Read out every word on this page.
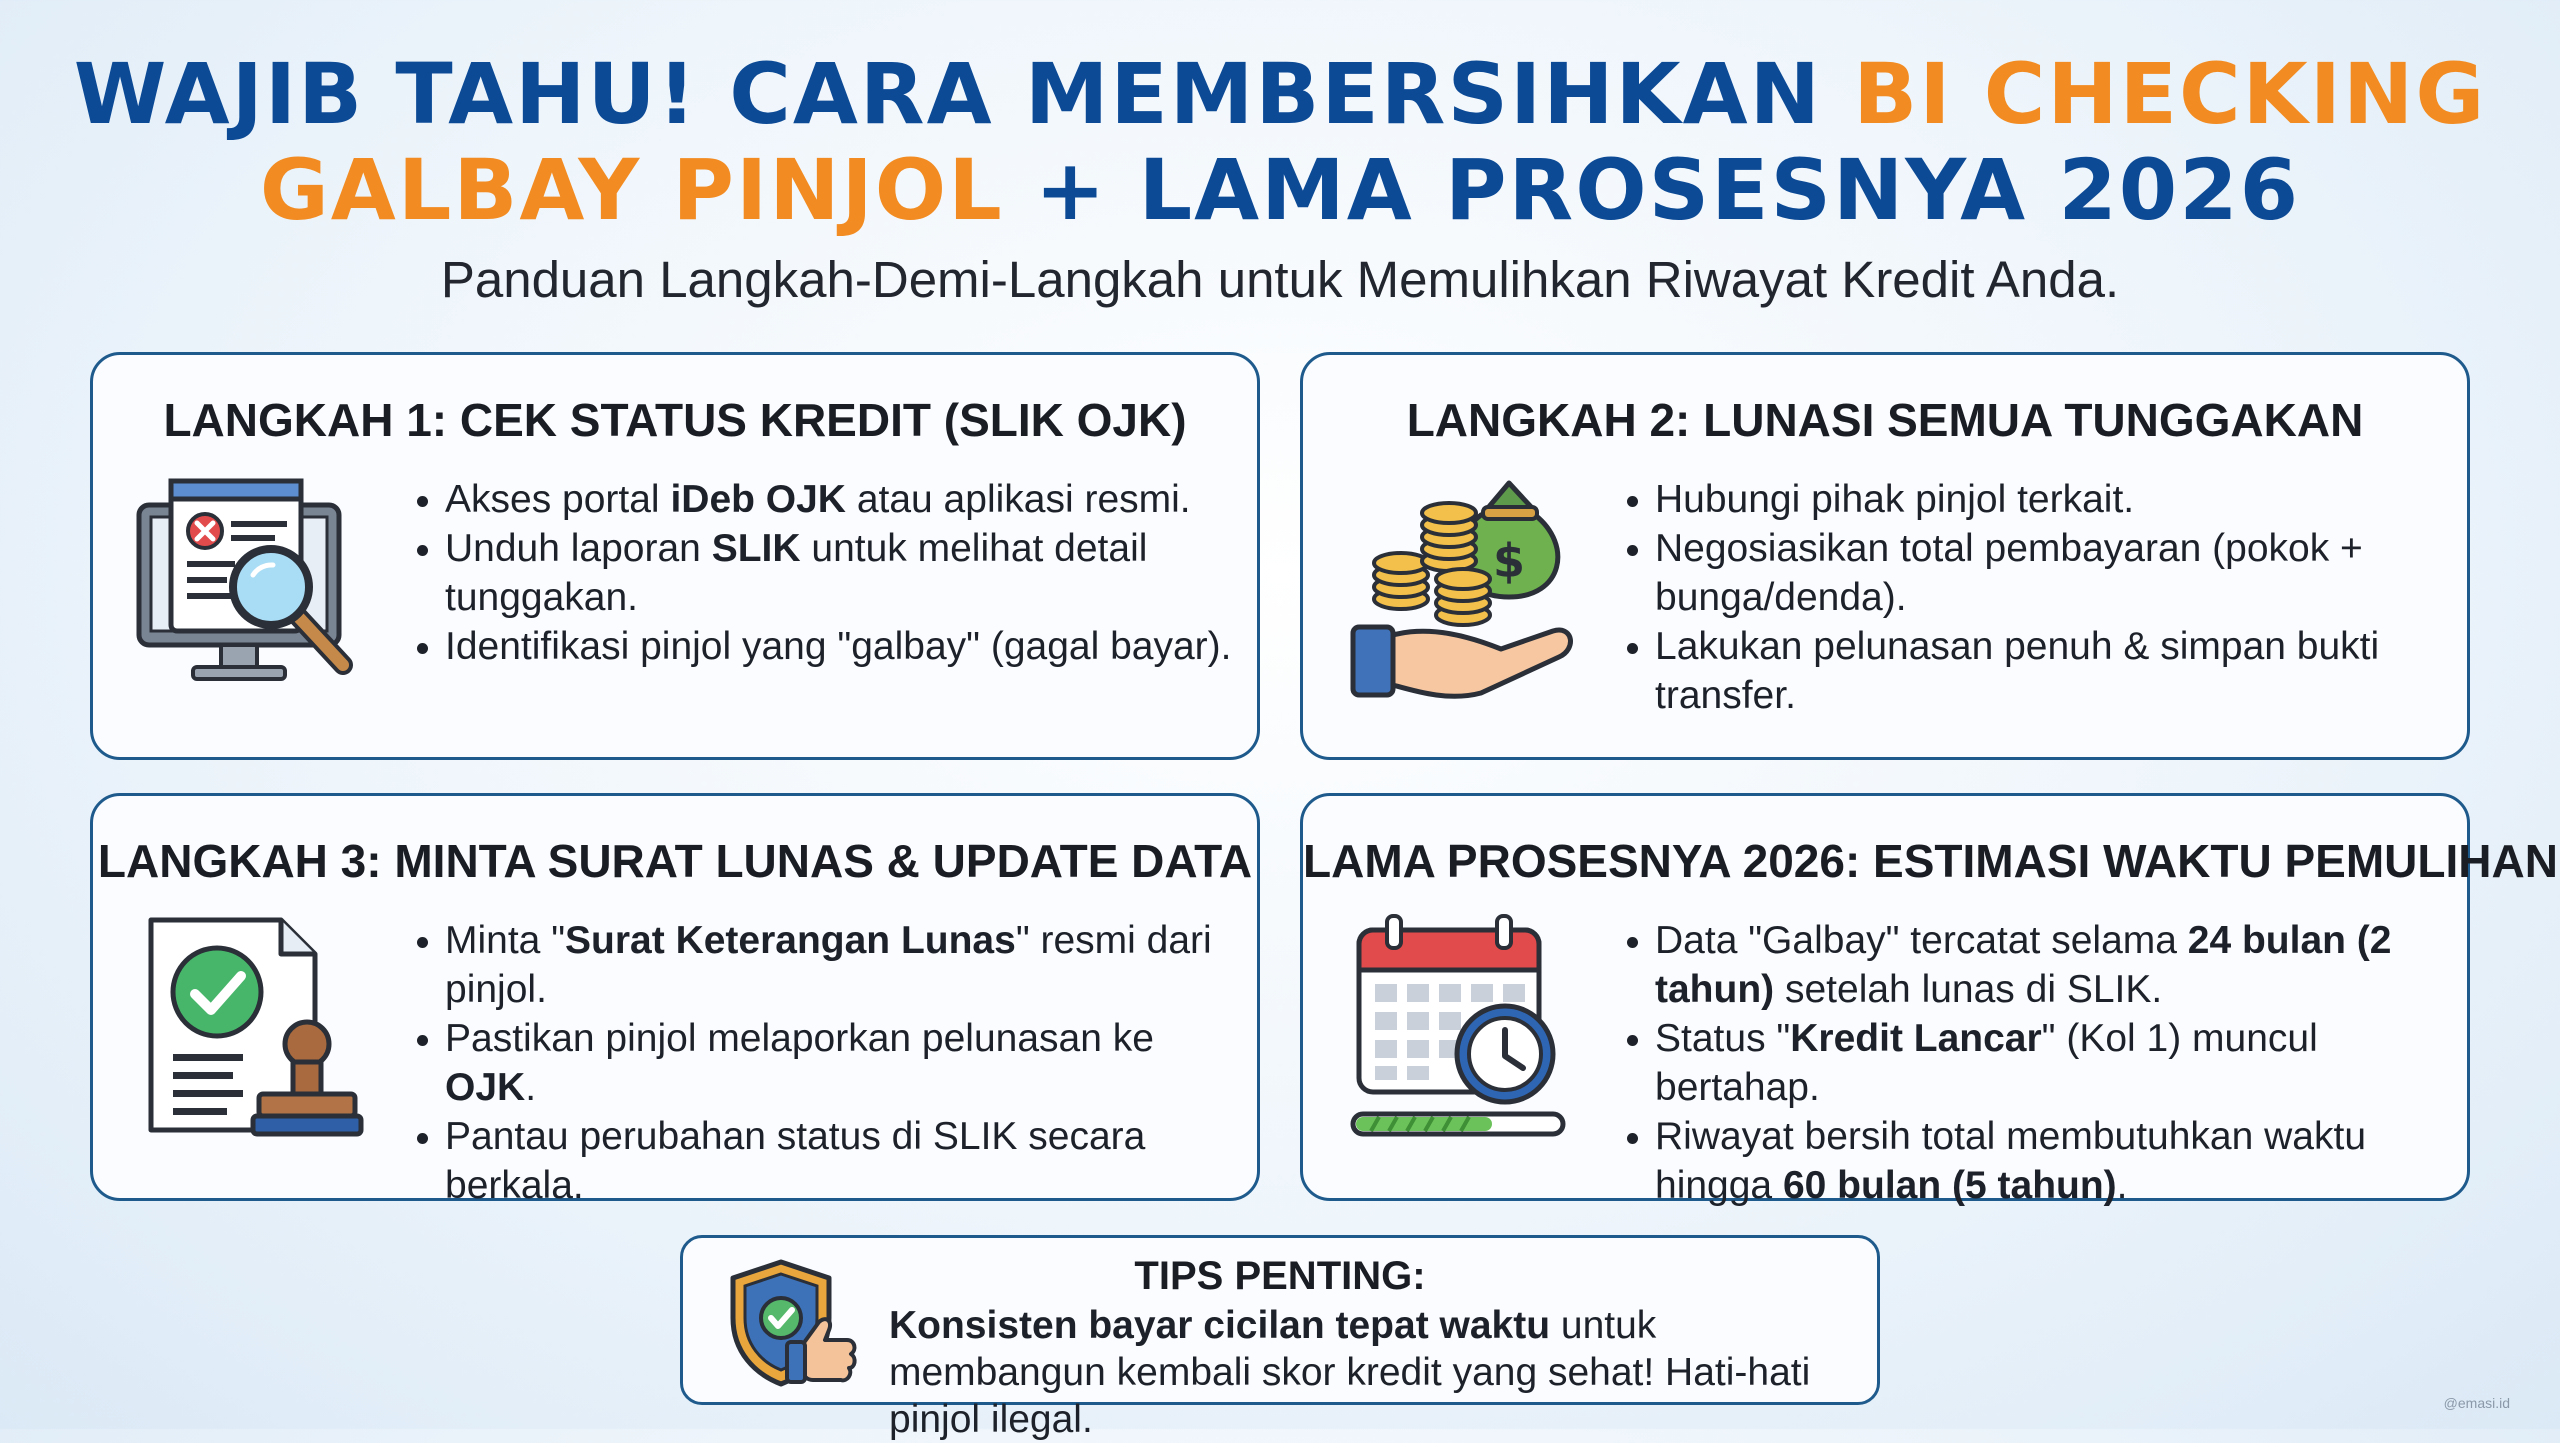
WAJIB TAHU! CARA MEMBERSIHKAN BI CHECKING
GALBAY PINJOL + LAMA PROSESNYA 2026
Panduan Langkah-Demi-Langkah untuk Memulihkan Riwayat Kredit Anda.
LANGKAH 1: CEK STATUS KREDIT (SLIK OJK)
Akses portal iDeb OJK atau aplikasi resmi.
Unduh laporan SLIK untuk melihat detail tunggakan.
Identifikasi pinjol yang "galbay" (gagal bayar).
LANGKAH 2: LUNASI SEMUA TUNGGAKAN
$
Hubungi pihak pinjol terkait.
Negosiasikan total pembayaran (pokok + bunga/denda).
Lakukan pelunasan penuh & simpan bukti transfer.
LANGKAH 3: MINTA SURAT LUNAS & UPDATE DATA
Minta "Surat Keterangan Lunas" resmi dari pinjol.
Pastikan pinjol melaporkan pelunasan ke OJK.
Pantau perubahan status di SLIK secara berkala.
LAMA PROSESNYA 2026: ESTIMASI WAKTU PEMULIHAN
Data "Galbay" tercatat selama 24 bulan (2 tahun) setelah lunas di SLIK.
Status "Kredit Lancar" (Kol 1) muncul bertahap.
Riwayat bersih total membutuhkan waktu hingga 60 bulan (5 tahun).
TIPS PENTING:
Konsisten bayar cicilan tepat waktu untuk membangun kembali skor kredit yang sehat! Hati-hati pinjol ilegal.	@emasi.id
